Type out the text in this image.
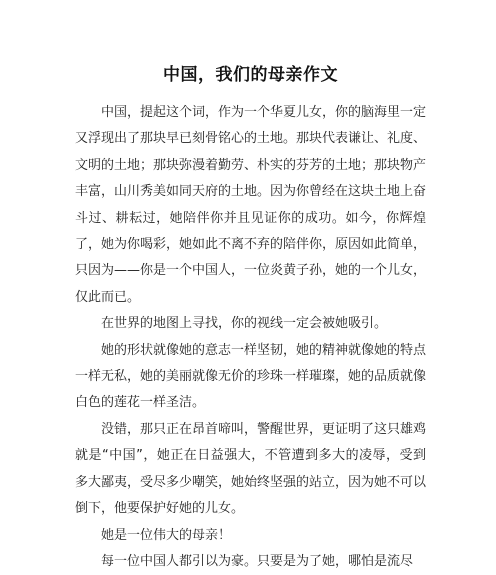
中国，我们的母亲作文

中国，提起这个词，作为一个华夏儿女，你的脑海里一定又浮现出了那块早已刻骨铭心的土地。那块代表谦让、礼度、文明的土地；那块弥漫着勤劳、朴实的芬芳的土地；那块物产丰富，山川秀美如同天府的土地。因为你曾经在这块土地上奋斗过、耕耘过，她陪伴你并且见证你的成功。如今，你辉煌了，她为你喝彩，她如此不离不弃的陪伴你，原因如此简单，只因为——你是一个中国人，一位炎黄子孙，她的一个儿女，仅此而已。

在世界的地图上寻找，你的视线一定会被她吸引。

她的形状就像她的意志一样坚韧，她的精神就像她的特点一样无私，她的美丽就像无价的珍珠一样璀璨，她的品质就像白色的莲花一样圣洁。

没错，那只正在昂首啼叫，警醒世界，更证明了这只雄鸡就是“中国”，她正在日益强大，不管遭到多大的凌辱，受到多大鄙夷，受尽多少嘲笑，她始终坚强的站立，因为她不可以倒下，他要保护好她的儿女。

她是一位伟大的母亲！

每一位中国人都引以为豪。只要是为了她，哪怕是流尽
